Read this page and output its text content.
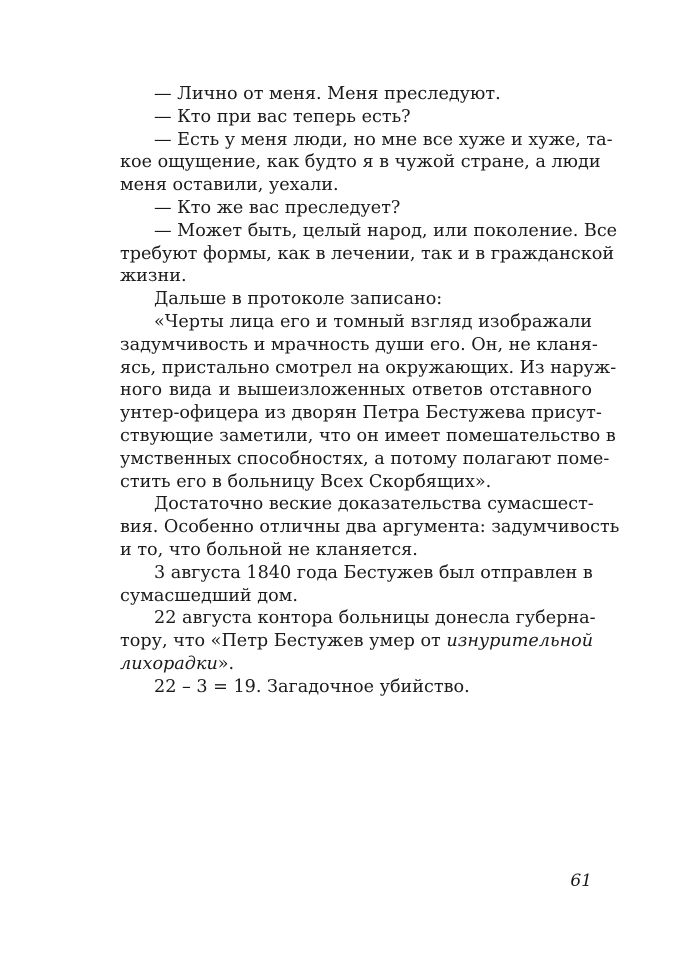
— Лично от меня. Меня преследуют.
— Кто при вас теперь есть?
— Есть у меня люди, но мне все хуже и хуже, та-
кое ощущение, как будто я в чужой стране, а люди
меня оставили, уехали.
— Кто же вас преследует?
— Может быть, целый народ, или поколение. Все
требуют формы, как в лечении, так и в гражданской
жизни.
Дальше в протоколе записано:
«Черты лица его и томный взгляд изображали
задумчивость и мрачность души его. Он, не кланя-
ясь, пристально смотрел на окружающих. Из наруж-
ного вида и вышеизложенных ответов отставного
унтер-офицера из дворян Петра Бестужева присут-
ствующие заметили, что он имеет помешательство в
умственных способностях, а потому полагают поме-
стить его в больницу Всех Скорбящих».
Достаточно веские доказательства сумасшест-
вия. Особенно отличны два аргумента: задумчивость
и то, что больной не кланяется.
3 августа 1840 года Бестужев был отправлен в
сумасшедший дом.
22 августа контора больницы донесла губерна-
тору, что «Петр Бестужев умер от изнурительной
лихорадки».
22 – 3 = 19. Загадочное убийство.
61
